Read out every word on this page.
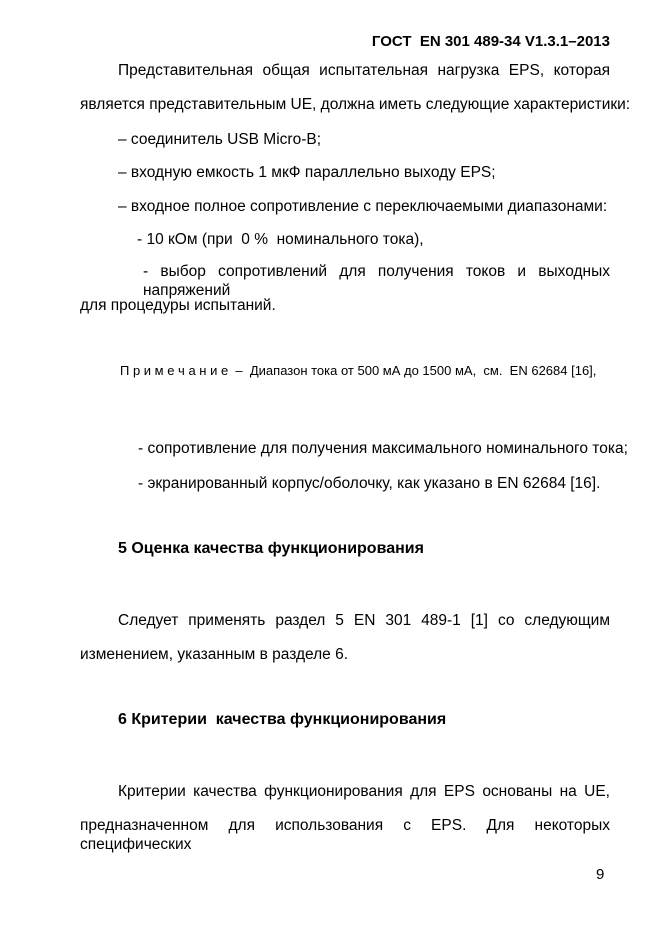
ГОСТ  EN 301 489-34 V1.3.1–2013
Представительная общая испытательная нагрузка EPS, которая
является представительным UE, должна иметь следующие характеристики:
– соединитель USB Micro-B;
– входную емкость 1 мкФ параллельно выходу EPS;
– входное полное сопротивление с переключаемыми диапазонами:
- 10 кОм (при  0 %  номинального тока),
- выбор сопротивлений для получения токов и выходных напряжений
для процедуры испытаний.
П р и м е ч а н и е  –  Диапазон тока от 500 мА до 1500 мА,  см.  EN 62684 [16],
- сопротивление для получения максимального номинального тока;
- экранированный корпус/оболочку, как указано в EN 62684 [16].
5 Оценка качества функционирования
Следует применять раздел 5 EN 301 489-1 [1] со следующим
изменением, указанным в разделе 6.
6 Критерии  качества функционирования
Критерии качества функционирования для EPS основаны на UE,
предназначенном для использования с EPS. Для некоторых специфических
9
